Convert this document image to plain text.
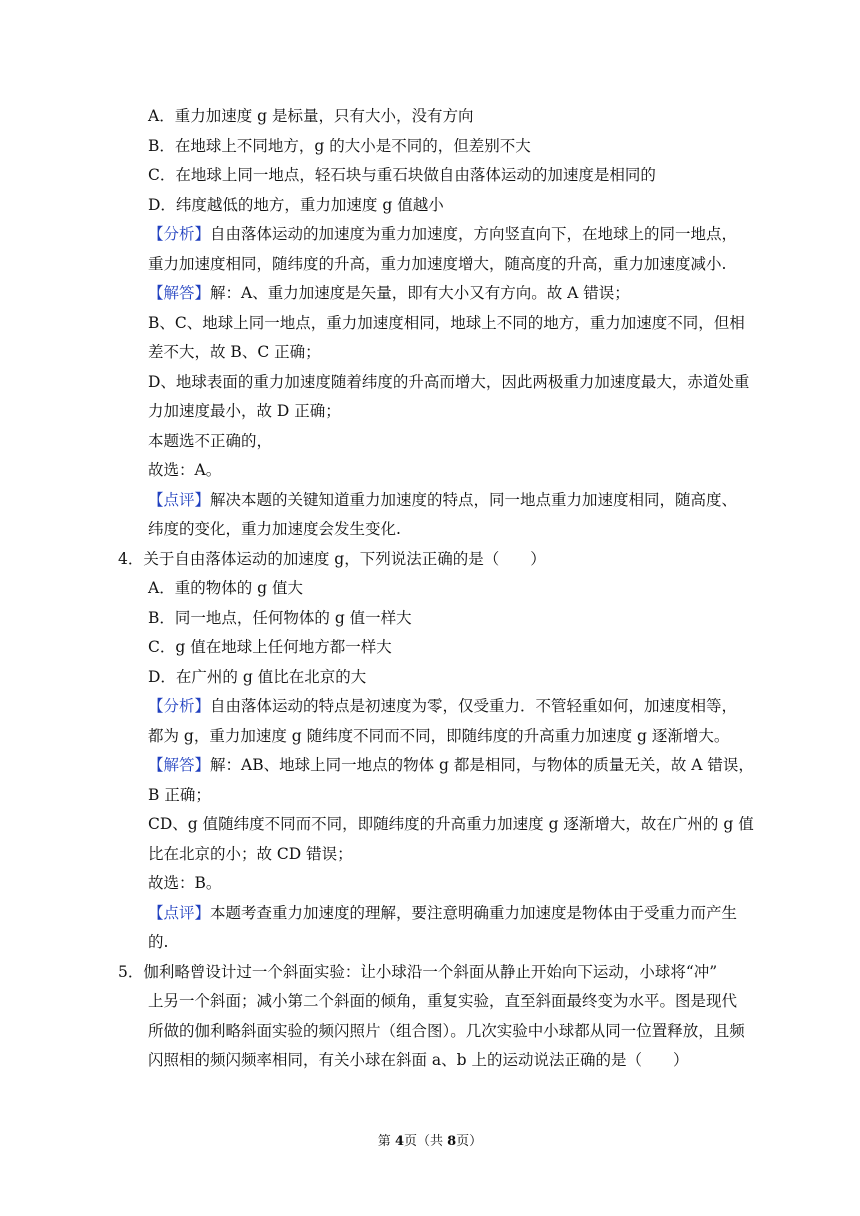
A．重力加速度 g 是标量，只有大小，没有方向
B．在地球上不同地方，g 的大小是不同的，但差别不大
C．在地球上同一地点，轻石块与重石块做自由落体运动的加速度是相同的
D．纬度越低的地方，重力加速度 g 值越小
【分析】自由落体运动的加速度为重力加速度，方向竖直向下，在地球上的同一地点，
重力加速度相同，随纬度的升高，重力加速度增大，随高度的升高，重力加速度减小.
【解答】解：A、重力加速度是矢量，即有大小又有方向。故 A 错误；
B、C、地球上同一地点，重力加速度相同，地球上不同的地方，重力加速度不同，但相
差不大，故 B、C 正确；
D、地球表面的重力加速度随着纬度的升高而增大，因此两极重力加速度最大，赤道处重
力加速度最小，故 D 正确；
本题选不正确的，
故选：A。
【点评】解决本题的关键知道重力加速度的特点，同一地点重力加速度相同，随高度、
纬度的变化，重力加速度会发生变化.
4．关于自由落体运动的加速度 g，下列说法正确的是（　　）
A．重的物体的 g 值大
B．同一地点，任何物体的 g 值一样大
C．g 值在地球上任何地方都一样大
D．在广州的 g 值比在北京的大
【分析】自由落体运动的特点是初速度为零，仅受重力．不管轻重如何，加速度相等，
都为 g，重力加速度 g 随纬度不同而不同，即随纬度的升高重力加速度 g 逐渐增大。
【解答】解：AB、地球上同一地点的物体 g 都是相同，与物体的质量无关，故 A 错误，
B 正确；
CD、g 值随纬度不同而不同，即随纬度的升高重力加速度 g 逐渐增大，故在广州的 g 值
比在北京的小；故 CD 错误；
故选：B。
【点评】本题考查重力加速度的理解，要注意明确重力加速度是物体由于受重力而产生
的.
5．伽利略曾设计过一个斜面实验：让小球沿一个斜面从静止开始向下运动，小球将“冲”
上另一个斜面；减小第二个斜面的倾角，重复实验，直至斜面最终变为水平。图是现代
所做的伽利略斜面实验的频闪照片（组合图）。几次实验中小球都从同一位置释放，且频
闪照相的频闪频率相同，有关小球在斜面 a、b 上的运动说法正确的是（　　）
第 4页（共 8页）
